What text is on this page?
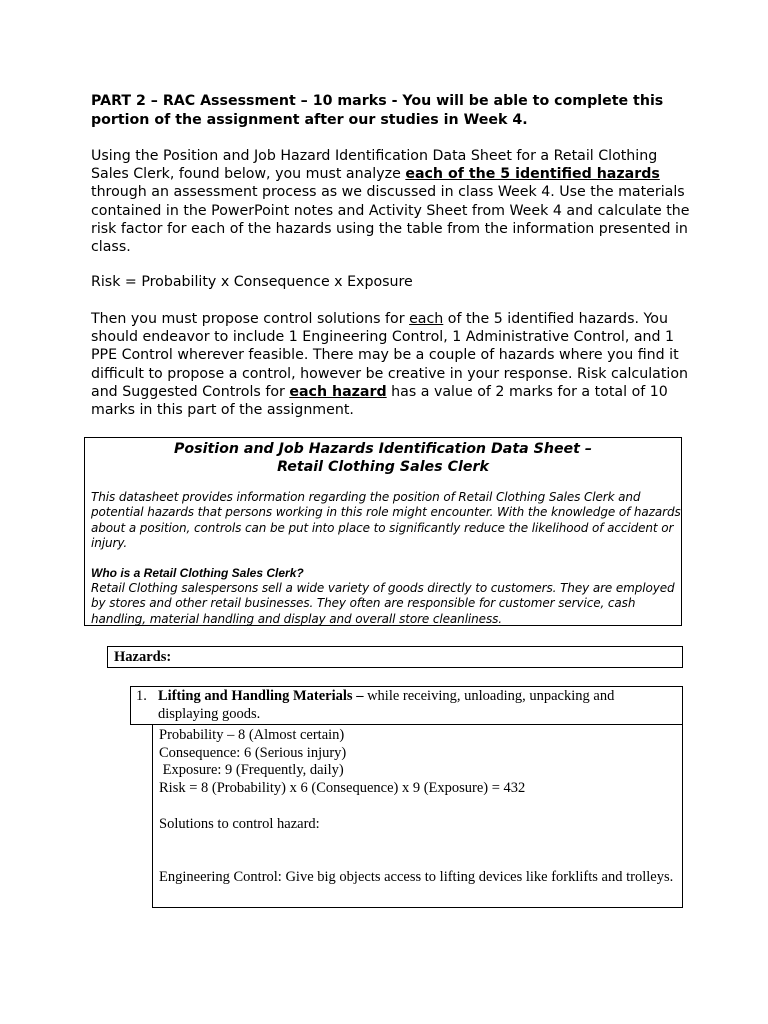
PART 2 – RAC Assessment – 10 marks - You will be able to complete this portion of the assignment after our studies in Week 4.
Using the Position and Job Hazard Identification Data Sheet for a Retail Clothing Sales Clerk, found below, you must analyze each of the 5 identified hazards through an assessment process as we discussed in class Week 4. Use the materials contained in the PowerPoint notes and Activity Sheet from Week 4 and calculate the risk factor for each of the hazards using the table from the information presented in class.
Risk = Probability x Consequence x Exposure
Then you must propose control solutions for each of the 5 identified hazards. You should endeavor to include 1 Engineering Control, 1 Administrative Control, and 1 PPE Control wherever feasible. There may be a couple of hazards where you find it difficult to propose a control, however be creative in your response. Risk calculation and Suggested Controls for each hazard has a value of 2 marks for a total of 10 marks in this part of the assignment.
Position and Job Hazards Identification Data Sheet –
Retail Clothing Sales Clerk
This datasheet provides information regarding the position of Retail Clothing Sales Clerk and potential hazards that persons working in this role might encounter. With the knowledge of hazards about a position, controls can be put into place to significantly reduce the likelihood of accident or injury.
Who is a Retail Clothing Sales Clerk?
Retail Clothing salespersons sell a wide variety of goods directly to customers. They are employed by stores and other retail businesses. They often are responsible for customer service, cash handling, material handling and display and overall store cleanliness.
Hazards:
1. Lifting and Handling Materials – while receiving, unloading, unpacking and displaying goods.
Probability – 8 (Almost certain)
Consequence: 6 (Serious injury)
Exposure: 9 (Frequently, daily)
Risk = 8 (Probability) x 6 (Consequence) x 9 (Exposure) = 432
Solutions to control hazard:
Engineering Control: Give big objects access to lifting devices like forklifts and trolleys.
